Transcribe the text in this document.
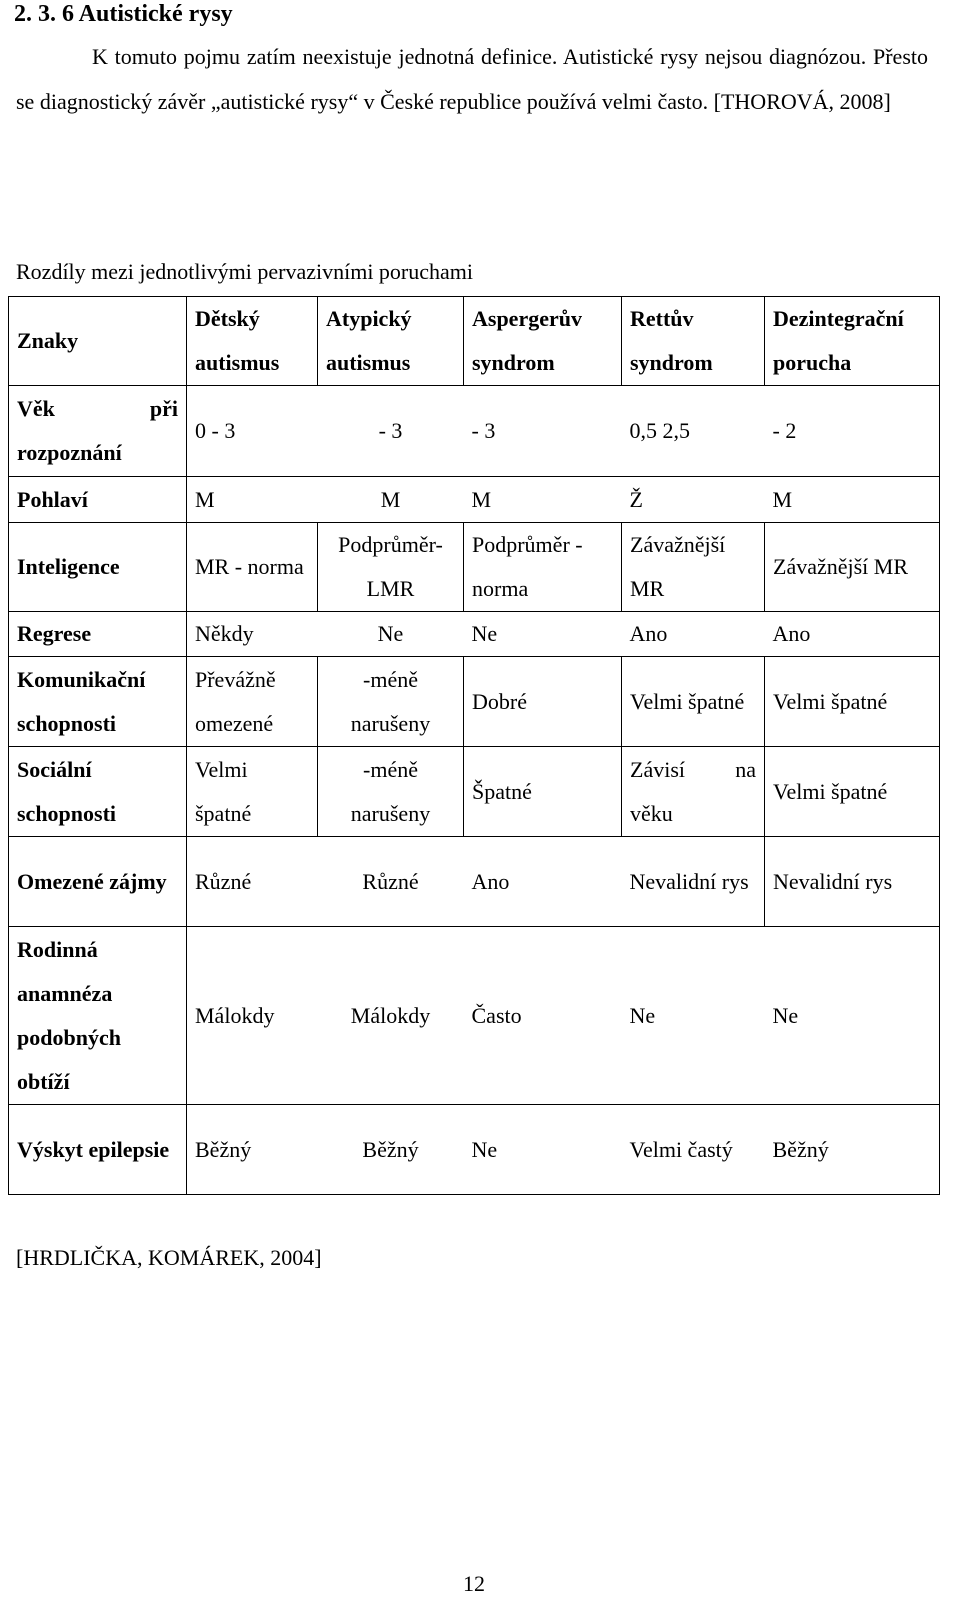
2. 3. 6 Autistické rysy

K tomuto pojmu zatím neexistuje jednotná definice. Autistické rysy nejsou diagnózou. Přesto se diagnostický závěr „autistické rysy“ v České republice používá velmi často. [THOROVÁ, 2008]

Rozdíly mezi jednotlivými pervazivními poruchami
Znaky	Dětský autismus	Atypický autismus	Aspergerův syndrom	Rettův syndrom	Dezintegrační porucha
Věk při rozpoznání	0 - 3	- 3	- 3	0,5 2,5	- 2
Pohlaví	M	M	M	Ž	M
Inteligence	MR - norma	Podprůměr-LMR	Podprůměr - norma	Závažnější MR	Závažnější MR
Regrese	Někdy	Ne	Ne	Ano	Ano
Komunikační schopnosti	Převážně omezené	-méně narušeny	Dobré	Velmi špatné	Velmi špatné
Sociální schopnosti	Velmi špatné	-méně narušeny	Špatné	Závisí na věku	Velmi špatné
Omezené zájmy	Různé	Různé	Ano	Nevalidní rys	Nevalidní rys
Rodinná anamnéza podobných obtíží	Málokdy	Málokdy	Často	Ne	Ne
Výskyt epilepsie	Běžný	Běžný	Ne	Velmi častý	Běžný
[HRDLIČKA, KOMÁREK, 2004]
12
